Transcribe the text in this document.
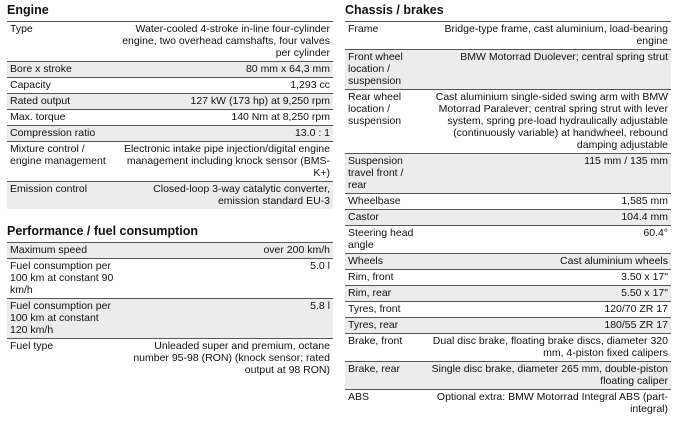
Engine
Type	Water-cooled 4-stroke in-line four-cylinder engine, two overhead camshafts, four valves per cylinder
Bore x stroke	80 mm x 64,3 mm
Capacity	1,293 cc
Rated output	127 kW (173 hp) at 9,250 rpm
Max. torque	140 Nm at 8,250 rpm
Compression ratio	13.0 : 1
Mixture control / engine management	Electronic intake pipe injection/digital engine management including knock sensor (BMS-K+)
Emission control	Closed-loop 3-way catalytic converter, emission standard EU-3
Performance / fuel consumption
Maximum speed	over 200 km/h
Fuel consumption per 100 km at constant 90 km/h	5.0 l
Fuel consumption per 100 km at constant 120 km/h	5.8 l
Fuel type	Unleaded super and premium, octane number 95-98 (RON) (knock sensor; rated output at 98 RON)
Chassis / brakes
Frame	Bridge-type frame, cast aluminium, load-bearing engine
Front wheel location / suspension	BMW Motorrad Duolever; central spring strut
Rear wheel location / suspension	Cast aluminium single-sided swing arm with BMW Motorrad Paralever; central spring strut with lever system, spring pre-load hydraulically adjustable (continuously variable) at handwheel, rebound damping adjustable
Suspension travel front / rear	115 mm / 135 mm
Wheelbase	1,585 mm
Castor	104.4 mm
Steering head angle	60.4°
Wheels	Cast aluminium wheels
Rim, front	3.50 x 17"
Rim, rear	5.50 x 17"
Tyres, front	120/70 ZR 17
Tyres, rear	180/55 ZR 17
Brake, front	Dual disc brake, floating brake discs, diameter 320 mm, 4-piston fixed calipers
Brake, rear	Single disc brake, diameter 265 mm, double-piston floating caliper
ABS	Optional extra: BMW Motorrad Integral ABS (part-integral)
